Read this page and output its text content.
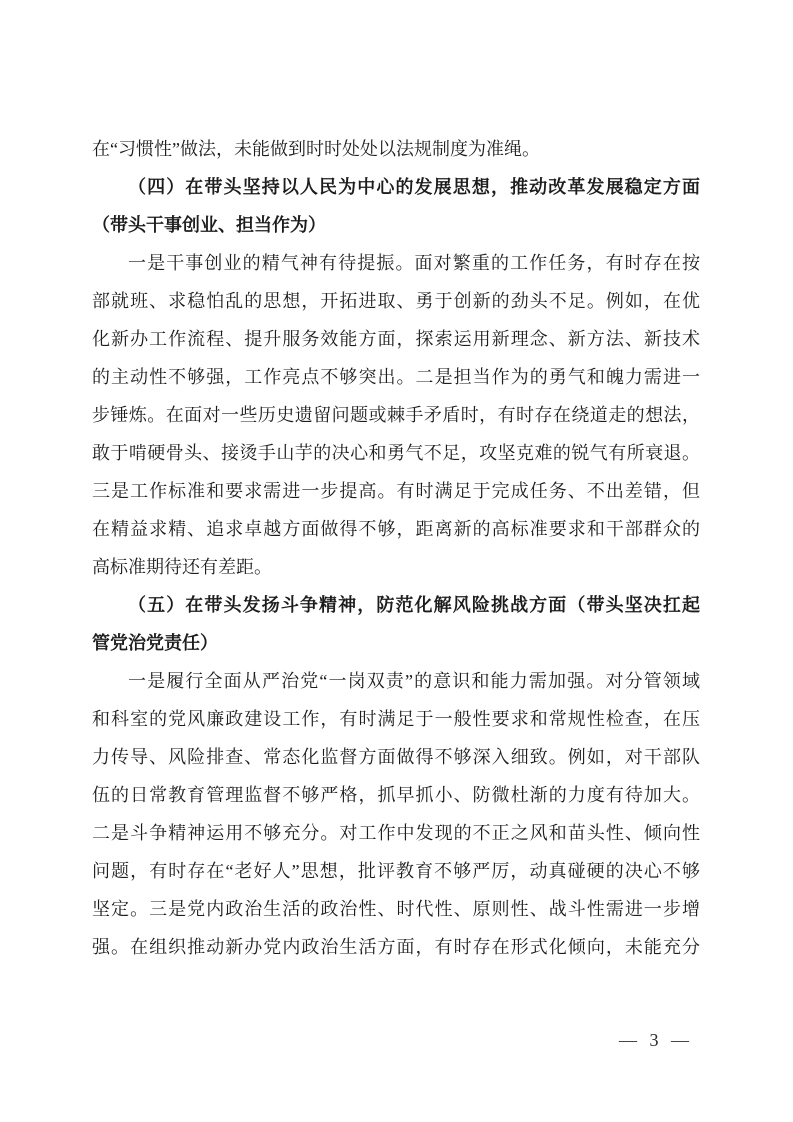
在“习惯性”做法，未能做到时时处处以法规制度为准绳。
（四）在带头坚持以人民为中心的发展思想，推动改革发展稳定方面
（带头干事创业、担当作为）
一是干事创业的精气神有待提振。面对繁重的工作任务，有时存在按
部就班、求稳怕乱的思想，开拓进取、勇于创新的劲头不足。例如，在优
化新办工作流程、提升服务效能方面，探索运用新理念、新方法、新技术
的主动性不够强，工作亮点不够突出。二是担当作为的勇气和魄力需进一
步锤炼。在面对一些历史遗留问题或棘手矛盾时，有时存在绕道走的想法，
敢于啃硬骨头、接烫手山芋的决心和勇气不足，攻坚克难的锐气有所衰退。
三是工作标准和要求需进一步提高。有时满足于完成任务、不出差错，但
在精益求精、追求卓越方面做得不够，距离新的高标准要求和干部群众的
高标准期待还有差距。
（五）在带头发扬斗争精神，防范化解风险挑战方面（带头坚决扛起
管党治党责任）
一是履行全面从严治党“一岗双责”的意识和能力需加强。对分管领域
和科室的党风廉政建设工作，有时满足于一般性要求和常规性检查，在压
力传导、风险排查、常态化监督方面做得不够深入细致。例如，对干部队
伍的日常教育管理监督不够严格，抓早抓小、防微杜渐的力度有待加大。
二是斗争精神运用不够充分。对工作中发现的不正之风和苗头性、倾向性
问题，有时存在“老好人”思想，批评教育不够严厉，动真碰硬的决心不够
坚定。三是党内政治生活的政治性、时代性、原则性、战斗性需进一步增
强。在组织推动新办党内政治生活方面，有时存在形式化倾向，未能充分
— 3 —
